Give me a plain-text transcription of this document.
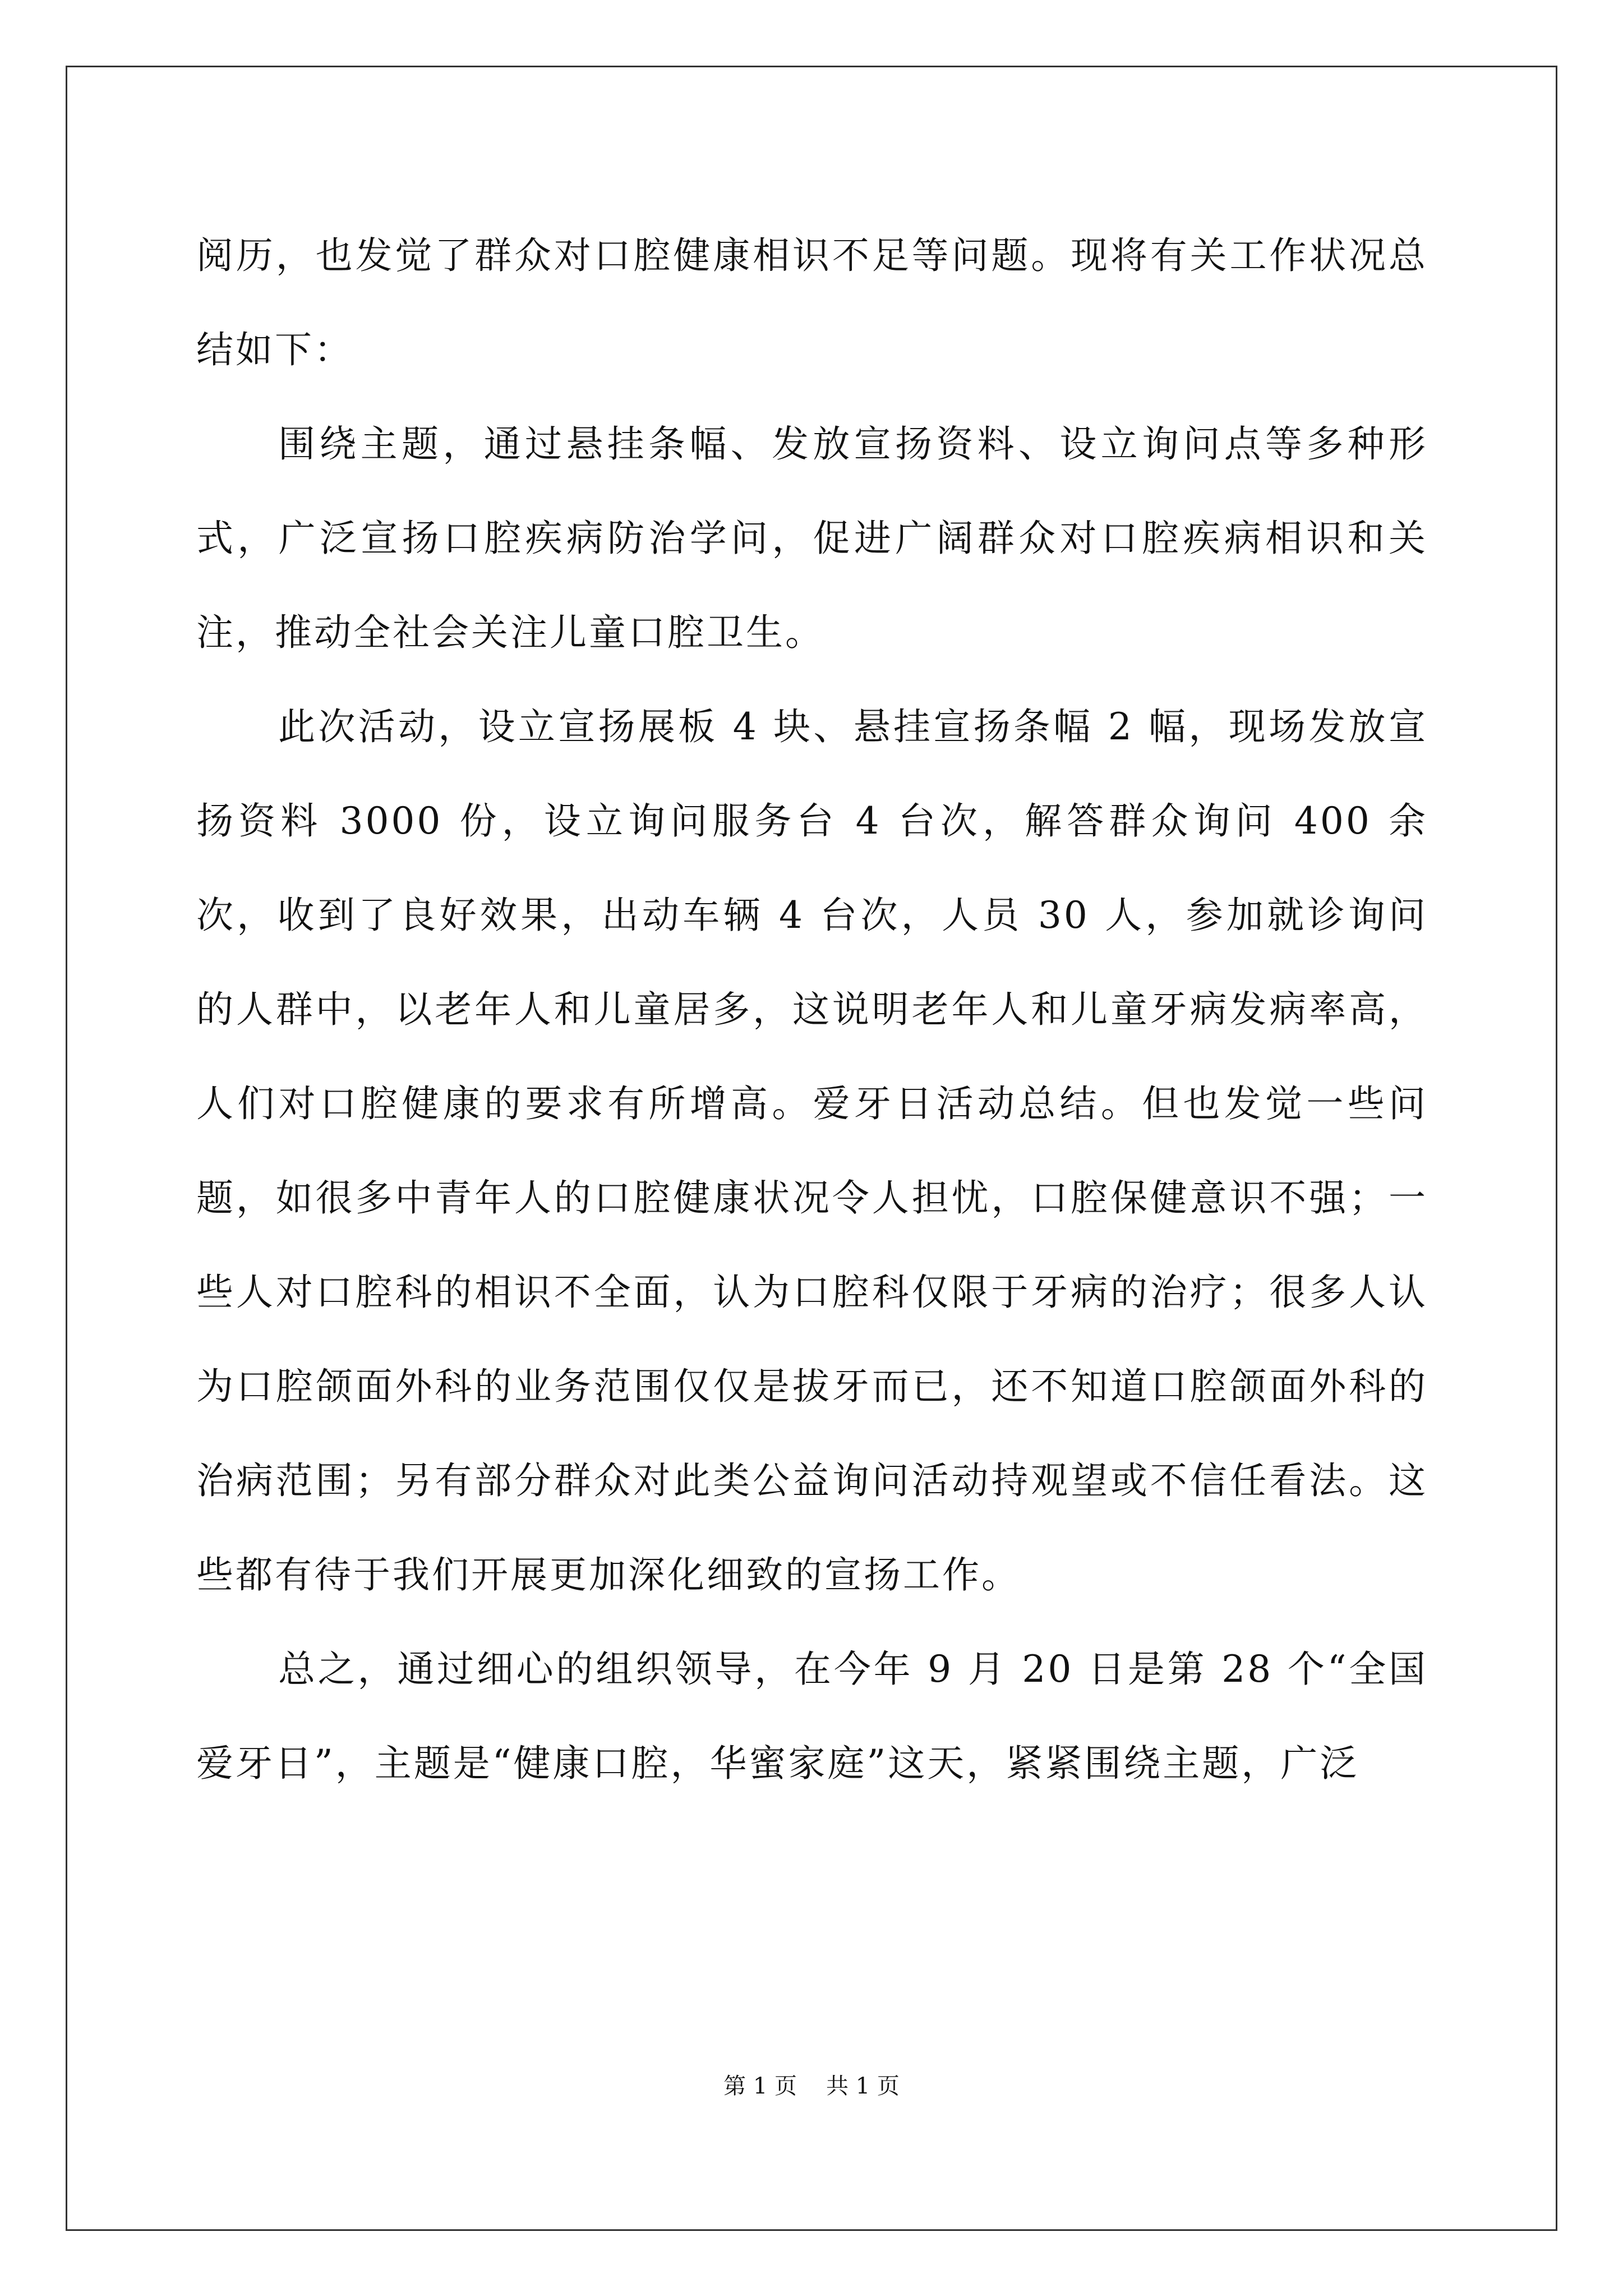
阅历，也发觉了群众对口腔健康相识不足等问题。现将有关工作状况总结如下：

围绕主题，通过悬挂条幅、发放宣扬资料、设立询问点等多种形式，广泛宣扬口腔疾病防治学问，促进广阔群众对口腔疾病相识和关注，推动全社会关注儿童口腔卫生。

此次活动，设立宣扬展板 4 块、悬挂宣扬条幅 2 幅，现场发放宣扬资料 3000 份，设立询问服务台 4 台次，解答群众询问 400 余次，收到了良好效果，出动车辆 4 台次，人员 30 人，参加就诊询问的人群中，以老年人和儿童居多，这说明老年人和儿童牙病发病率高，人们对口腔健康的要求有所增高。爱牙日活动总结。但也发觉一些问题，如很多中青年人的口腔健康状况令人担忧，口腔保健意识不强；一些人对口腔科的相识不全面，认为口腔科仅限于牙病的治疗；很多人认为口腔颌面外科的业务范围仅仅是拔牙而已，还不知道口腔颌面外科的治病范围；另有部分群众对此类公益询问活动持观望或不信任看法。这些都有待于我们开展更加深化细致的宣扬工作。

总之，通过细心的组织领导，在今年 9 月 20 日是第 28 个“全国爱牙日”，主题是“健康口腔，华蜜家庭”这天，紧紧围绕主题，广泛

第 1 页 共 1 页
